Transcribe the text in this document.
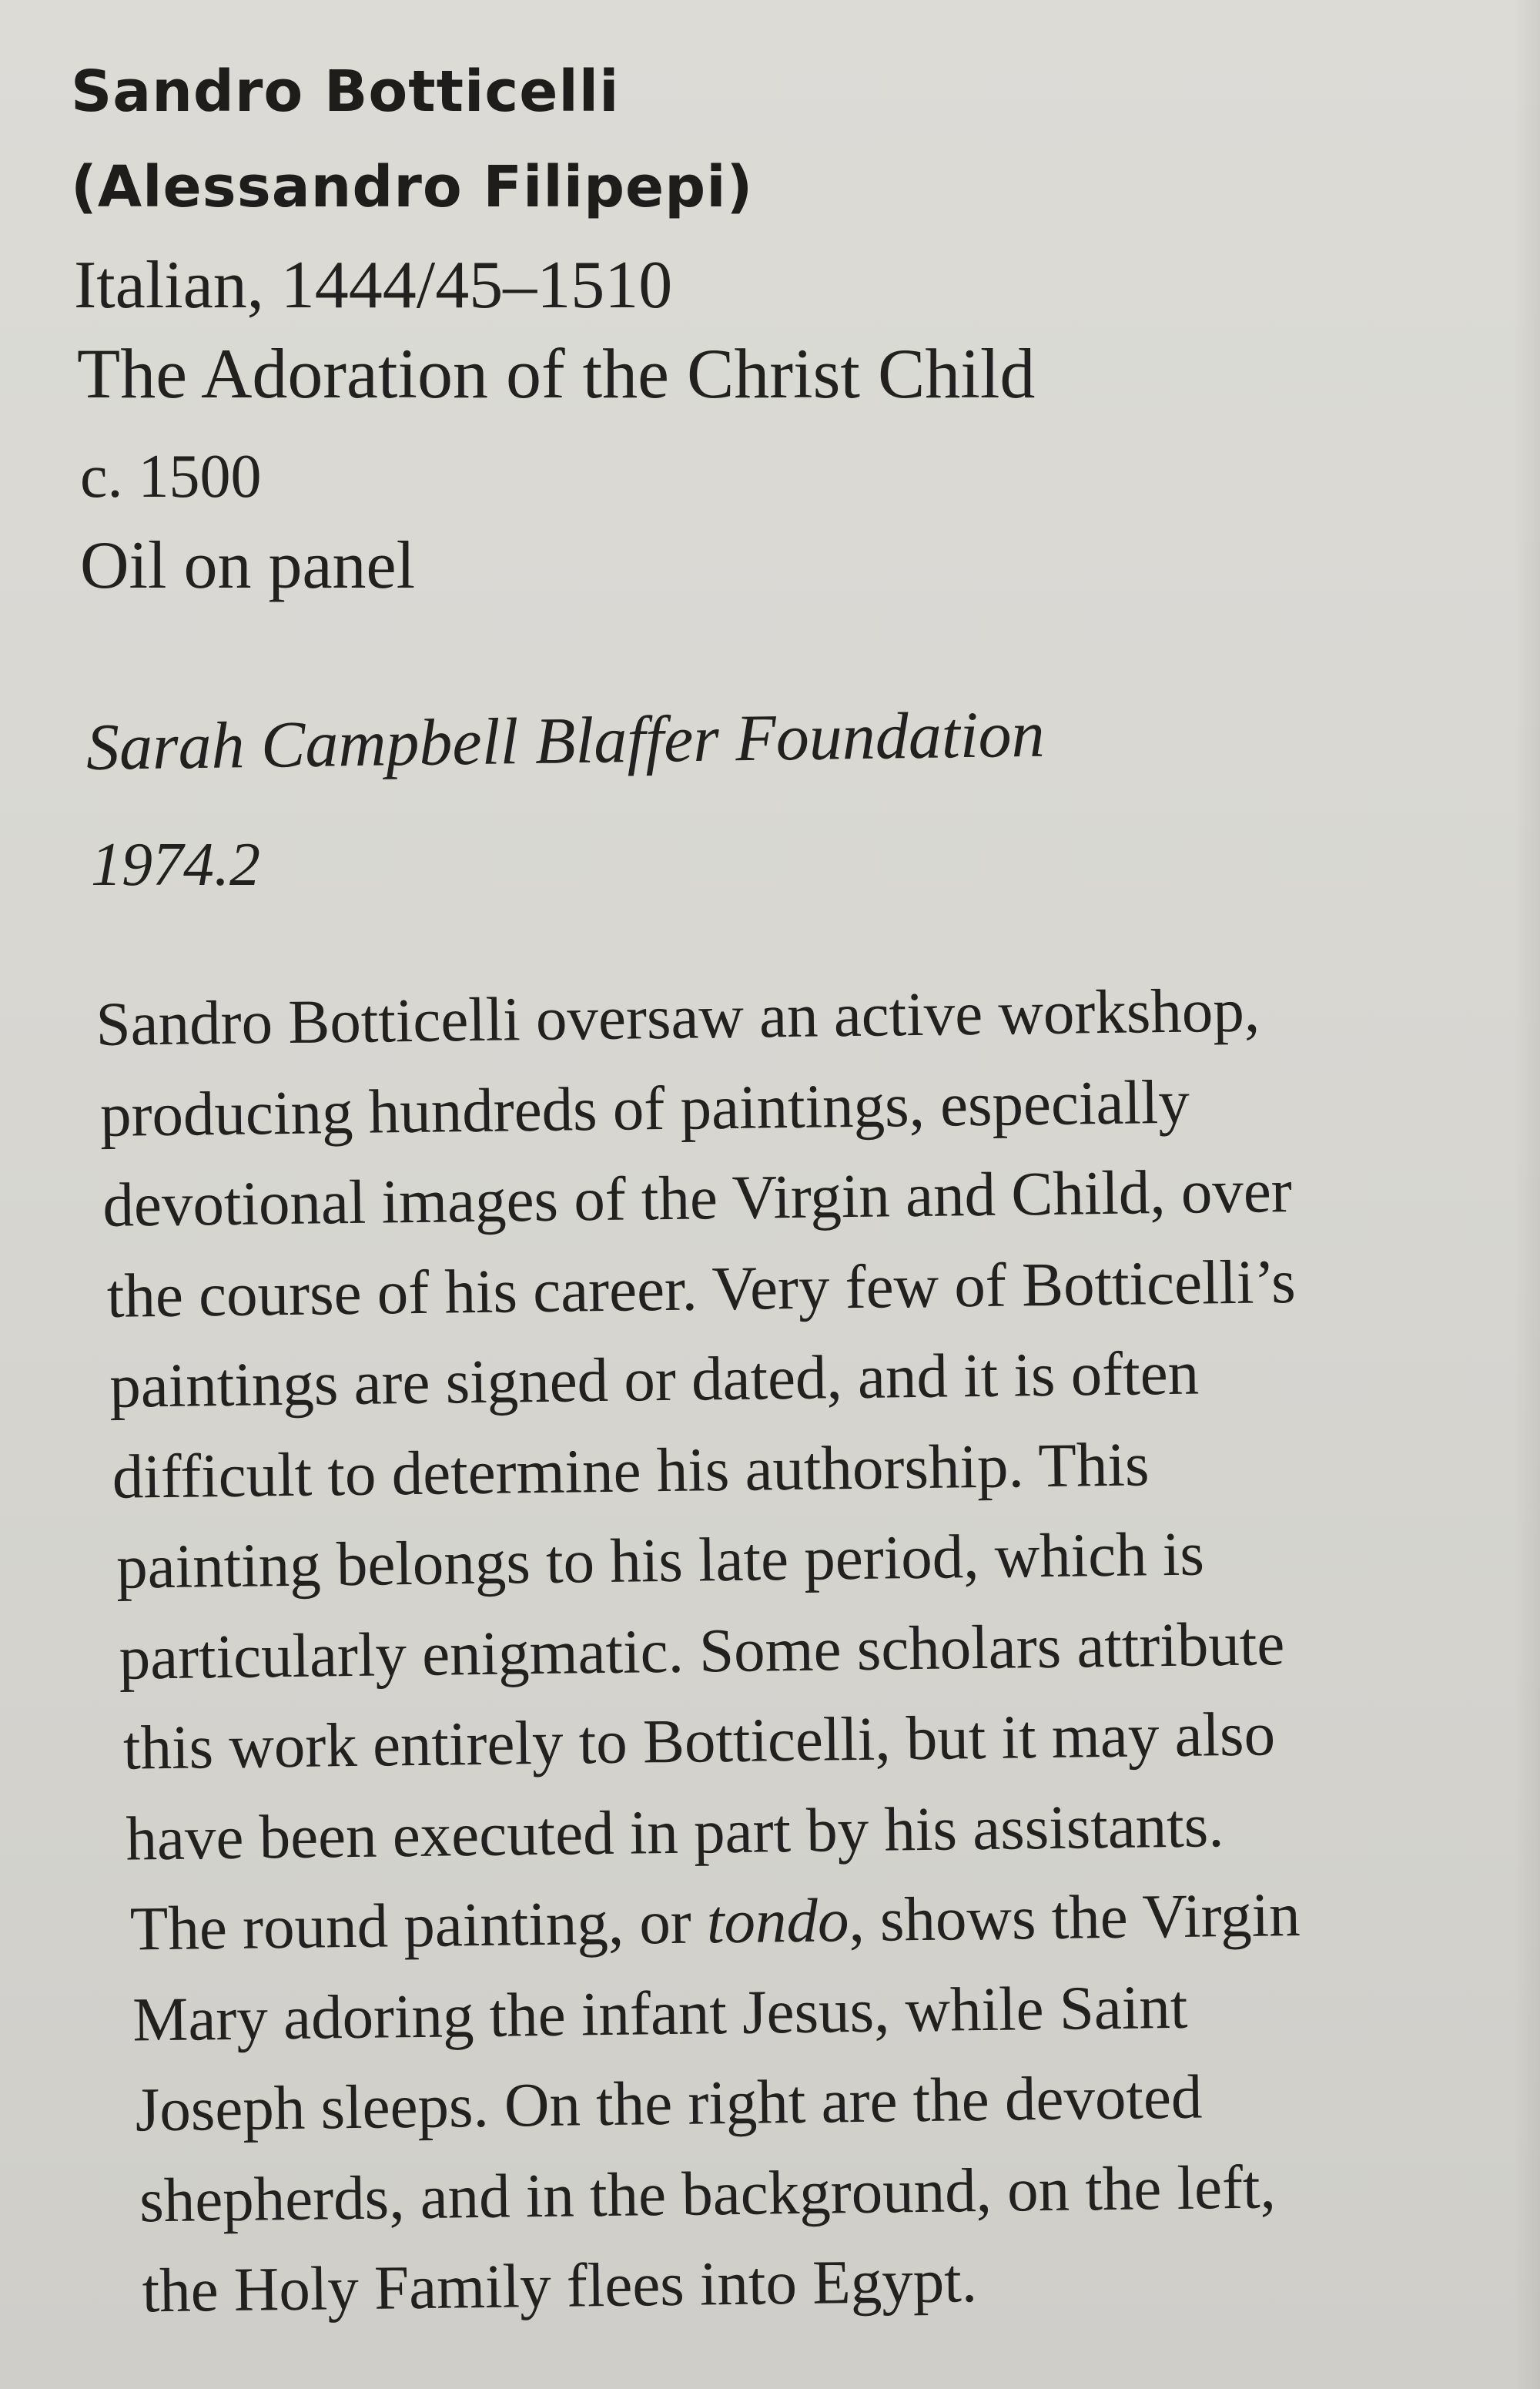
Sandro Botticelli
(Alessandro Filipepi)
Italian, 1444/45–1510
The Adoration of the Christ Child
c. 1500
Oil on panel
Sarah Campbell Blaffer Foundation
1974.2
Sandro Botticelli oversaw an active workshop,
producing hundreds of paintings, especially
devotional images of the Virgin and Child, over
the course of his career. Very few of Botticelli’s
paintings are signed or dated, and it is often
difficult to determine his authorship. This
painting belongs to his late period, which is
particularly enigmatic. Some scholars attribute
this work entirely to Botticelli, but it may also
have been executed in part by his assistants.
The round painting, or tondo, shows the Virgin
Mary adoring the infant Jesus, while Saint
Joseph sleeps. On the right are the devoted
shepherds, and in the background, on the left,
the Holy Family flees into Egypt.
